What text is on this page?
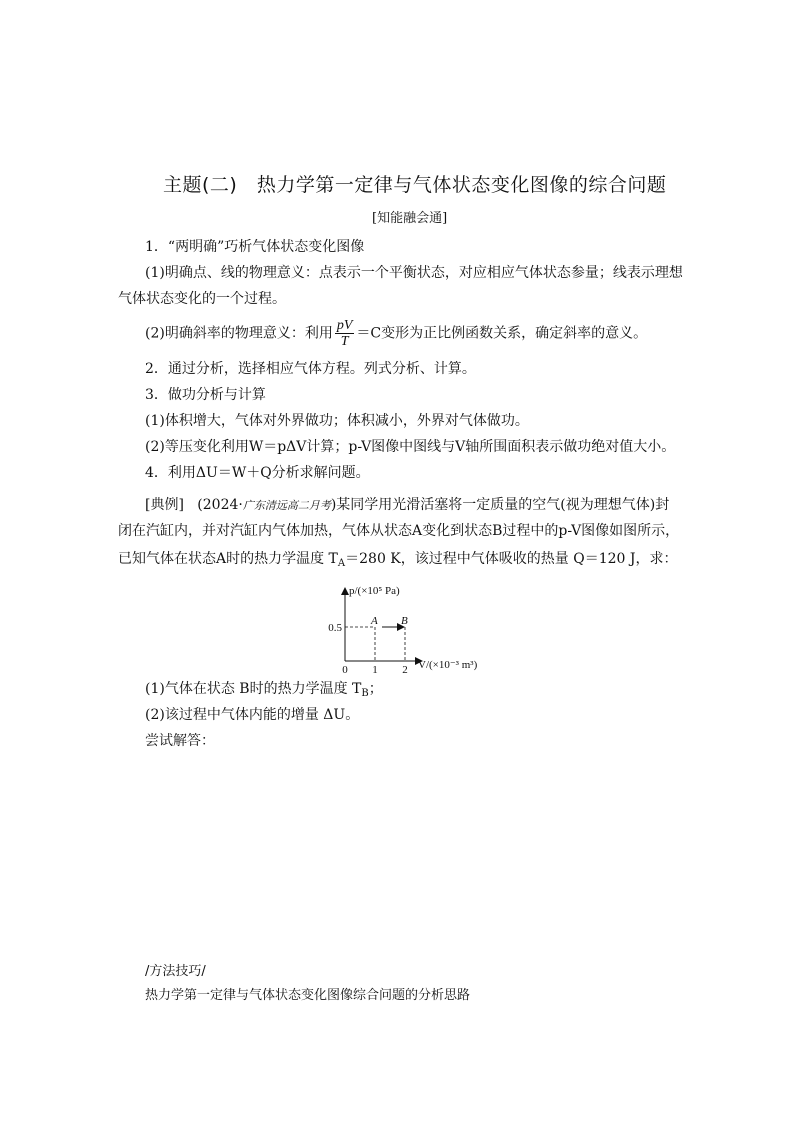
主题(二)　热力学第一定律与气体状态变化图像的综合问题
[知能融会通]
1．“两明确”巧析气体状态变化图像
(1)明确点、线的物理意义：点表示一个平衡状态，对应相应气体状态参量；线表示理想
气体状态变化的一个过程。
(2)明确斜率的物理意义：利用 $\frac{pV}{T} =C$变形为正比例函数关系，确定斜率的意义。
2．通过分析，选择相应气体方程。列式分析、计算。
3．做功分析与计算
(1)体积增大，气体对外界做功；体积减小，外界对气体做功。
(2)等压变化利用W＝pΔV计算；p-V图像中图线与V轴所围面积表示做功绝对值大小。
4．利用ΔU＝W＋Q分析求解问题。
[典例] (2024·广东清远高二月考)某同学用光滑活塞将一定质量的空气(视为理想气体)封
闭在汽缸内，并对汽缸内气体加热，气体从状态A变化到状态B过程中的p-V图像如图所示，
已知气体在状态A时的热力学温度 $T_A=280$ K，该过程中气体吸收的热量 Q＝120 J，求：
p/(×10⁵ Pa)
V/(×10⁻³ m³)
A B
0 1 2
0.5
(1)气体在状态 B时的热力学温度 $T_B$；
(2)该过程中气体内能的增量 ΔU。
尝试解答：
/方法技巧/
热力学第一定律与气体状态变化图像综合问题的分析思路
